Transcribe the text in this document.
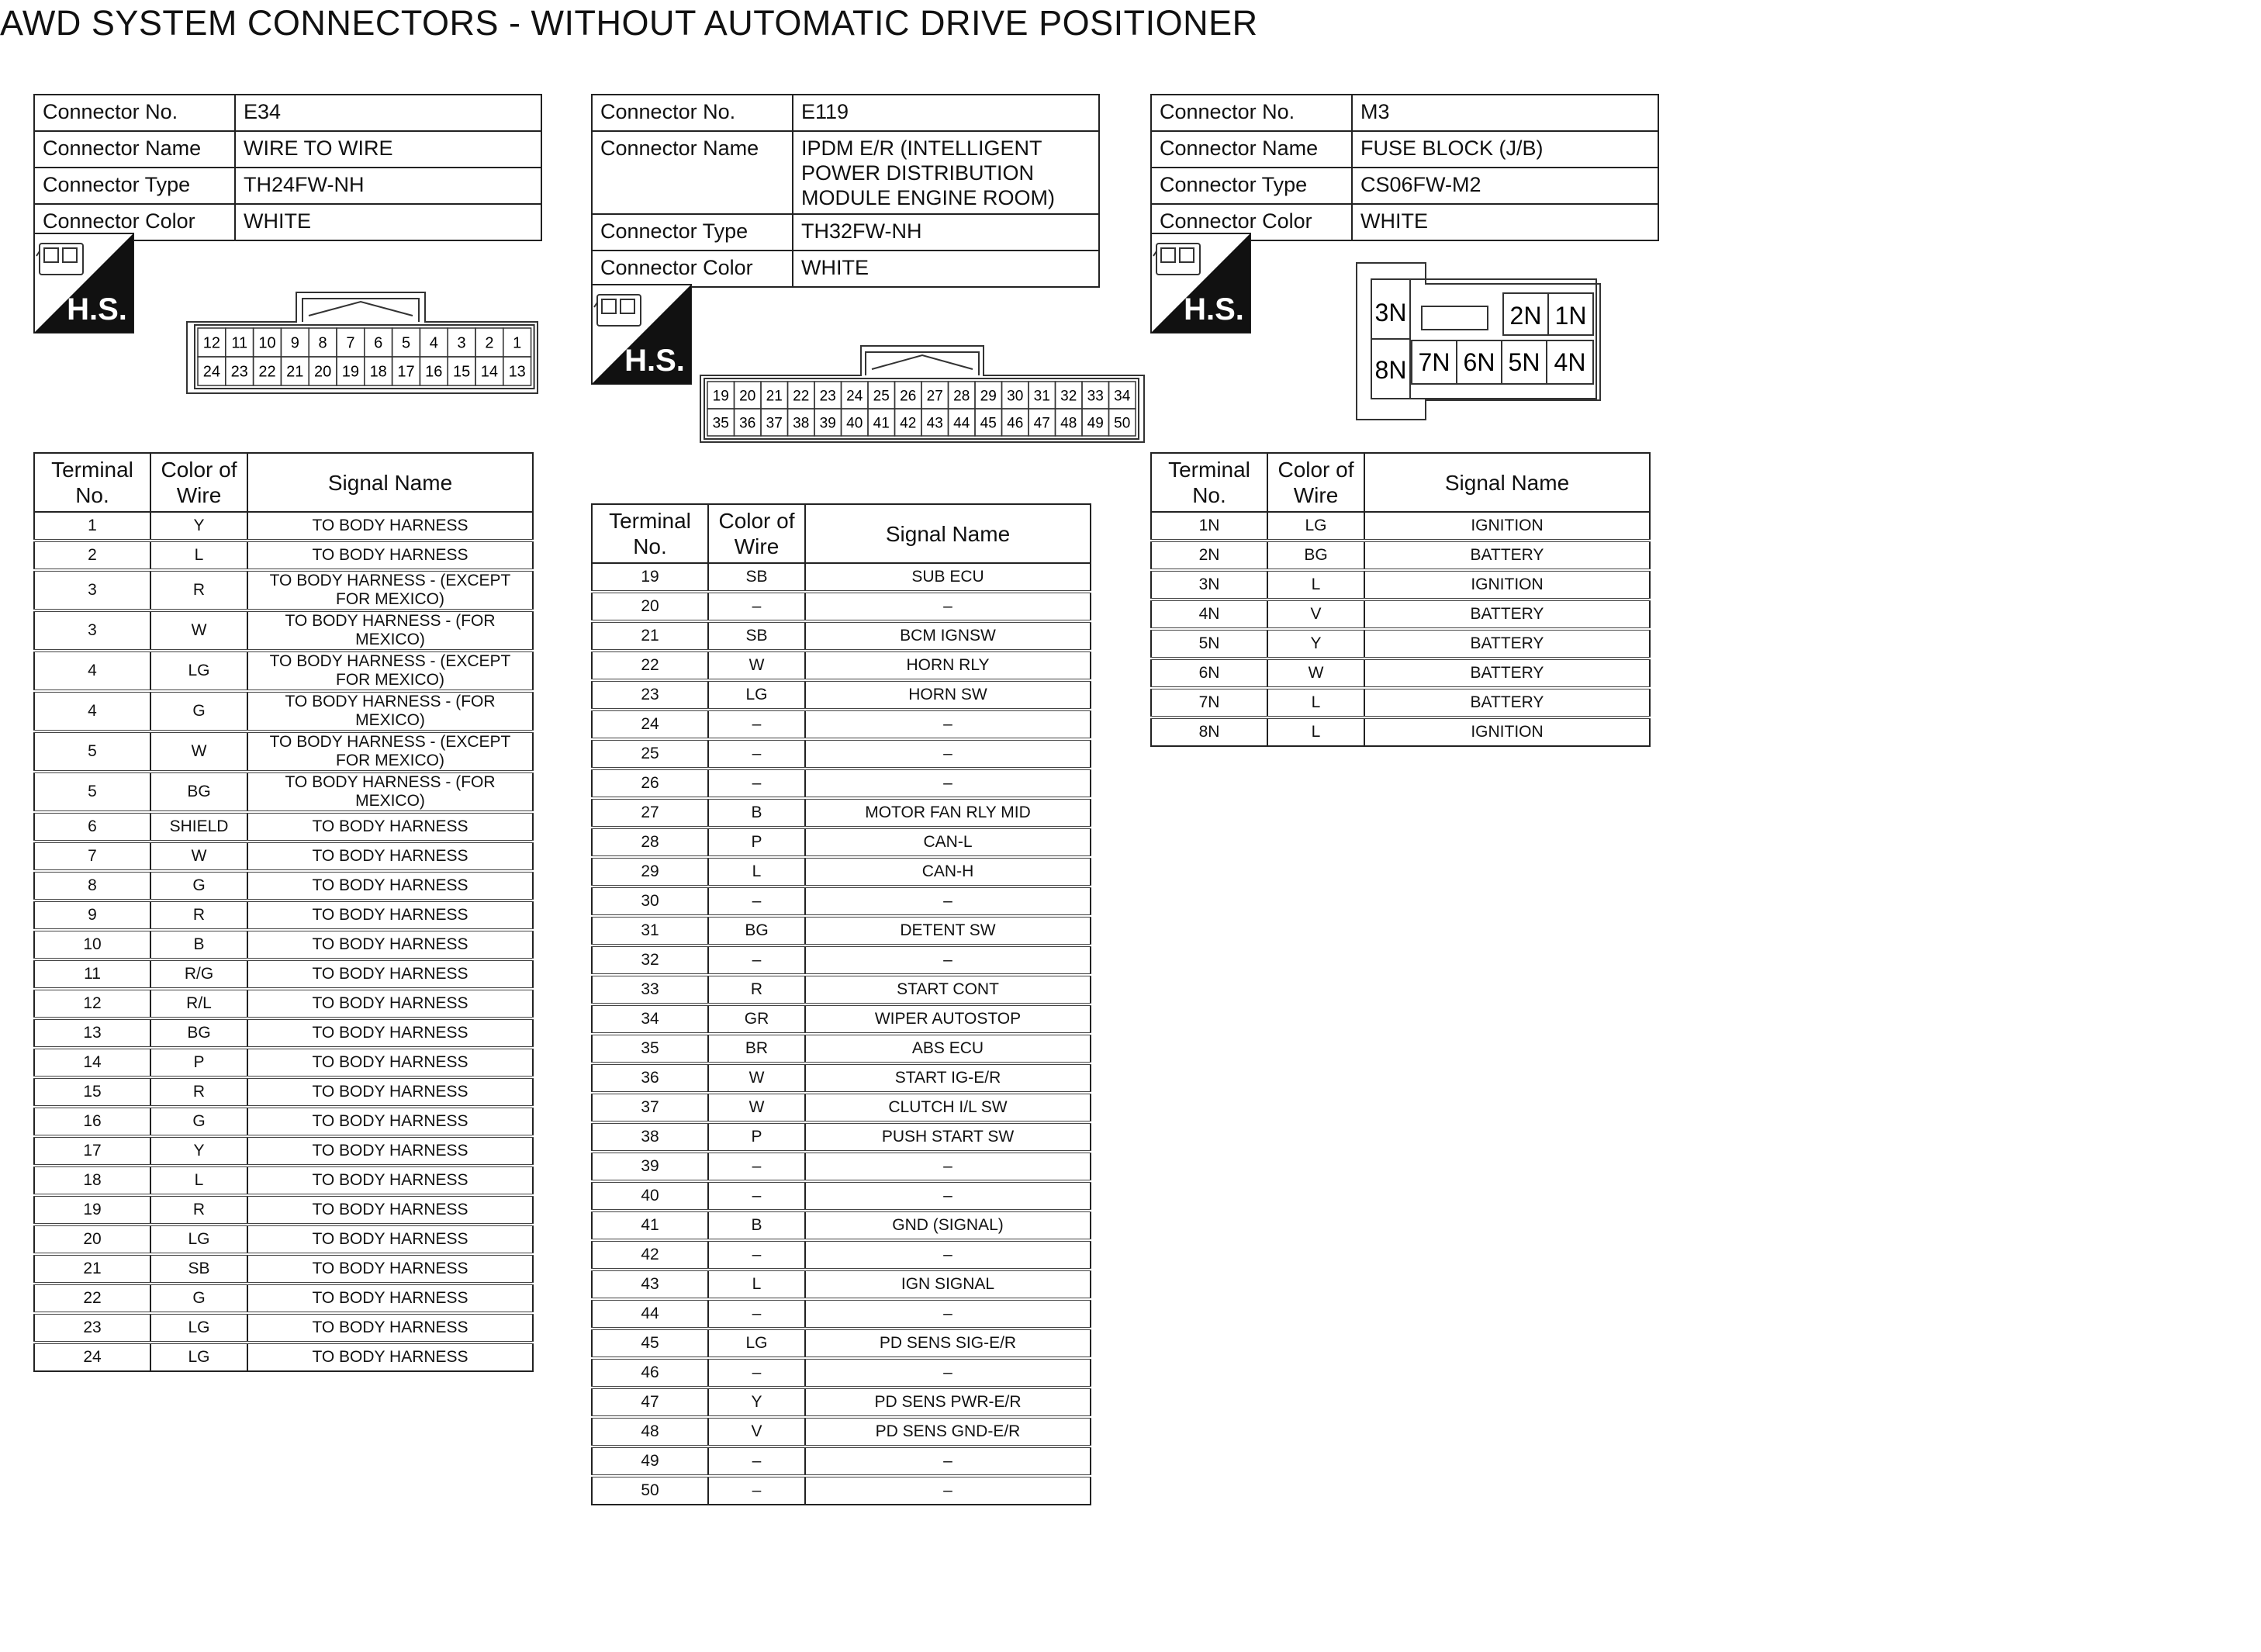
AWD SYSTEM CONNECTORS - WITHOUT AUTOMATIC DRIVE POSITIONER
Connector No.	E34
Connector Name	WIRE TO WIRE
Connector Type	TH24FW-NH
Connector Color	WHITE
Connector No.	E119
Connector Name	IPDM E/R (INTELLIGENT POWER DISTRIBUTION MODULE ENGINE ROOM)
Connector Type	TH32FW-NH
Connector Color	WHITE
Connector No.	M3
Connector Name	FUSE BLOCK (J/B)
Connector Type	CS06FW-M2
Connector Color	WHITE
H.S.
H.S.
H.S.
12 11 10 9 8 7 6 5 4 3 2 1
24 23 22 21 20 19 18 17 16 15 14 13
19 20 21 22 23 24 25 26 27 28 29 30 31 32 33 34
35 36 37 38 39 40 41 42 43 44 45 46 47 48 49 50
3N	2N 1N
8N 7N 6N 5N 4N
Terminal No.	Color of Wire	Signal Name
1	Y	TO BODY HARNESS
2	L	TO BODY HARNESS
3	R	TO BODY HARNESS - (EXCEPT FOR MEXICO)
3	W	TO BODY HARNESS - (FOR MEXICO)
4	LG	TO BODY HARNESS - (EXCEPT FOR MEXICO)
4	G	TO BODY HARNESS - (FOR MEXICO)
5	W	TO BODY HARNESS - (EXCEPT FOR MEXICO)
5	BG	TO BODY HARNESS - (FOR MEXICO)
6	SHIELD	TO BODY HARNESS
7	W	TO BODY HARNESS
8	G	TO BODY HARNESS
9	R	TO BODY HARNESS
10	B	TO BODY HARNESS
11	R/G	TO BODY HARNESS
12	R/L	TO BODY HARNESS
13	BG	TO BODY HARNESS
14	P	TO BODY HARNESS
15	R	TO BODY HARNESS
16	G	TO BODY HARNESS
17	Y	TO BODY HARNESS
18	L	TO BODY HARNESS
19	R	TO BODY HARNESS
20	LG	TO BODY HARNESS
21	SB	TO BODY HARNESS
22	G	TO BODY HARNESS
23	LG	TO BODY HARNESS
24	LG	TO BODY HARNESS
Terminal No.	Color of Wire	Signal Name
19	SB	SUB ECU
20	–	–
21	SB	BCM IGNSW
22	W	HORN RLY
23	LG	HORN SW
24	–	–
25	–	–
26	–	–
27	B	MOTOR FAN RLY MID
28	P	CAN-L
29	L	CAN-H
30	–	–
31	BG	DETENT SW
32	–	–
33	R	START CONT
34	GR	WIPER AUTOSTOP
35	BR	ABS ECU
36	W	START IG-E/R
37	W	CLUTCH I/L SW
38	P	PUSH START SW
39	–	–
40	–	–
41	B	GND (SIGNAL)
42	–	–
43	L	IGN SIGNAL
44	–	–
45	LG	PD SENS SIG-E/R
46	–	–
47	Y	PD SENS PWR-E/R
48	V	PD SENS GND-E/R
49	–	–
50	–	–
Terminal No.	Color of Wire	Signal Name
1N	LG	IGNITION
2N	BG	BATTERY
3N	L	IGNITION
4N	V	BATTERY
5N	Y	BATTERY
6N	W	BATTERY
7N	L	BATTERY
8N	L	IGNITION
